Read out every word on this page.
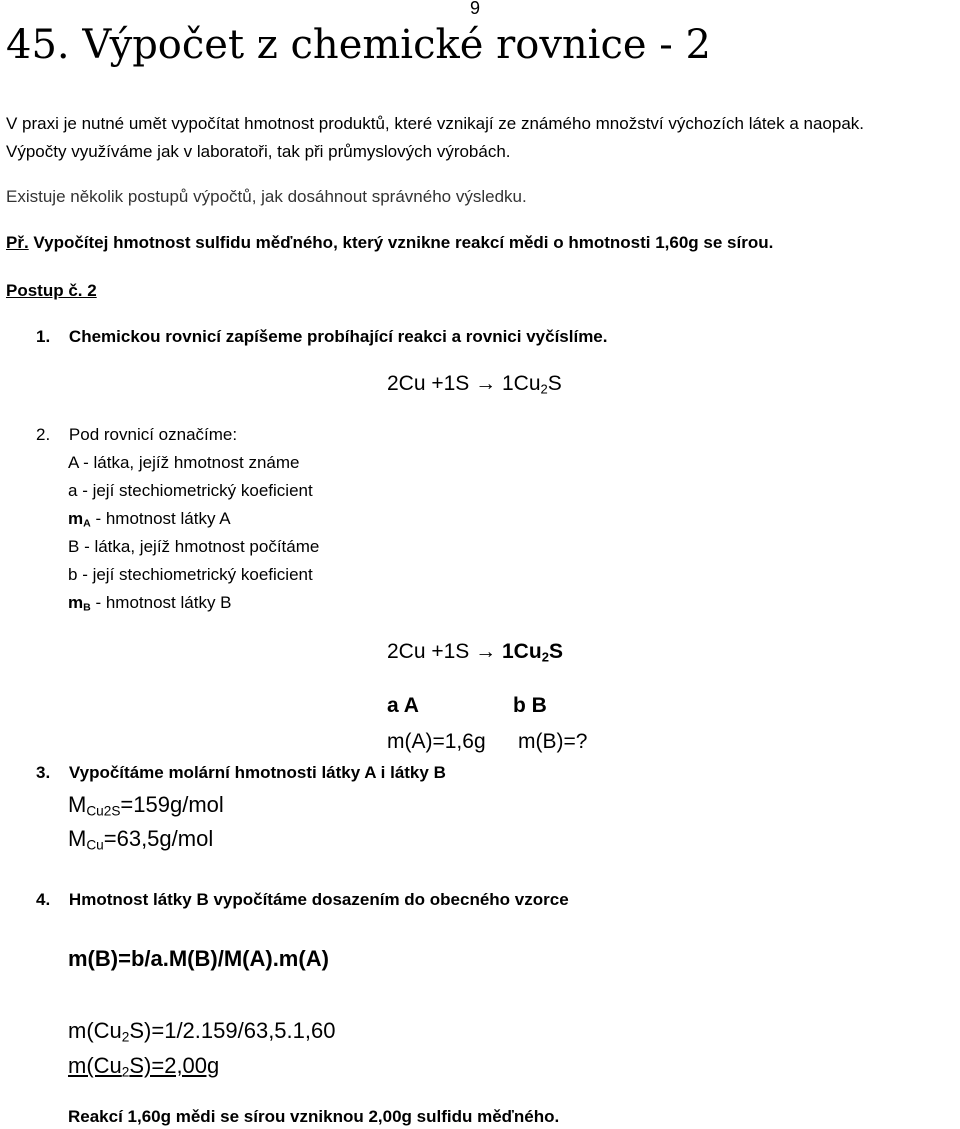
9
45. Výpočet z chemické rovnice - 2
V praxi je nutné umět vypočítat hmotnost produktů, které vznikají ze známého množství výchozích látek a naopak.
Výpočty využíváme jak v laboratoři, tak při průmyslových výrobách.
Existuje několik postupů výpočtů, jak dosáhnout správného výsledku.
Př. Vypočítej hmotnost sulfidu měďného, který vznikne reakcí mědi o hmotnosti 1,60g se sírou.
Postup č. 2
1. Chemickou rovnicí zapíšeme probíhající reakci a rovnici vyčíslíme.
$2Cu +1S \to 1Cu_2S$
2. Pod rovnicí označíme:
A - látka, jejíž hmotnost známe
a - její stechiometrický koeficient
$m_A$ - hmotnost látky A
B - látka, jejíž hmotnost počítáme
b - její stechiometrický koeficient
$m_B$ - hmotnost látky B
$2Cu +1S \to 1Cu_2S$
a A	b B
m(A)=1,6g m(B)=?
3. Vypočítáme molární hmotnosti látky A i látky B
$M_{Cu2S}=159g$/mol
$M_{Cu}=63,5g$/mol
4. Hmotnost látky B vypočítáme dosazením do obecného vzorce
m(B)=b/a.M(B)/M(A).m(A)
$m(Cu_2S)=1/2.159/63,5.1,60$
$m(Cu_2S)=2,00g$
Reakcí 1,60g mědi se sírou vzniknou 2,00g sulfidu měďného.
